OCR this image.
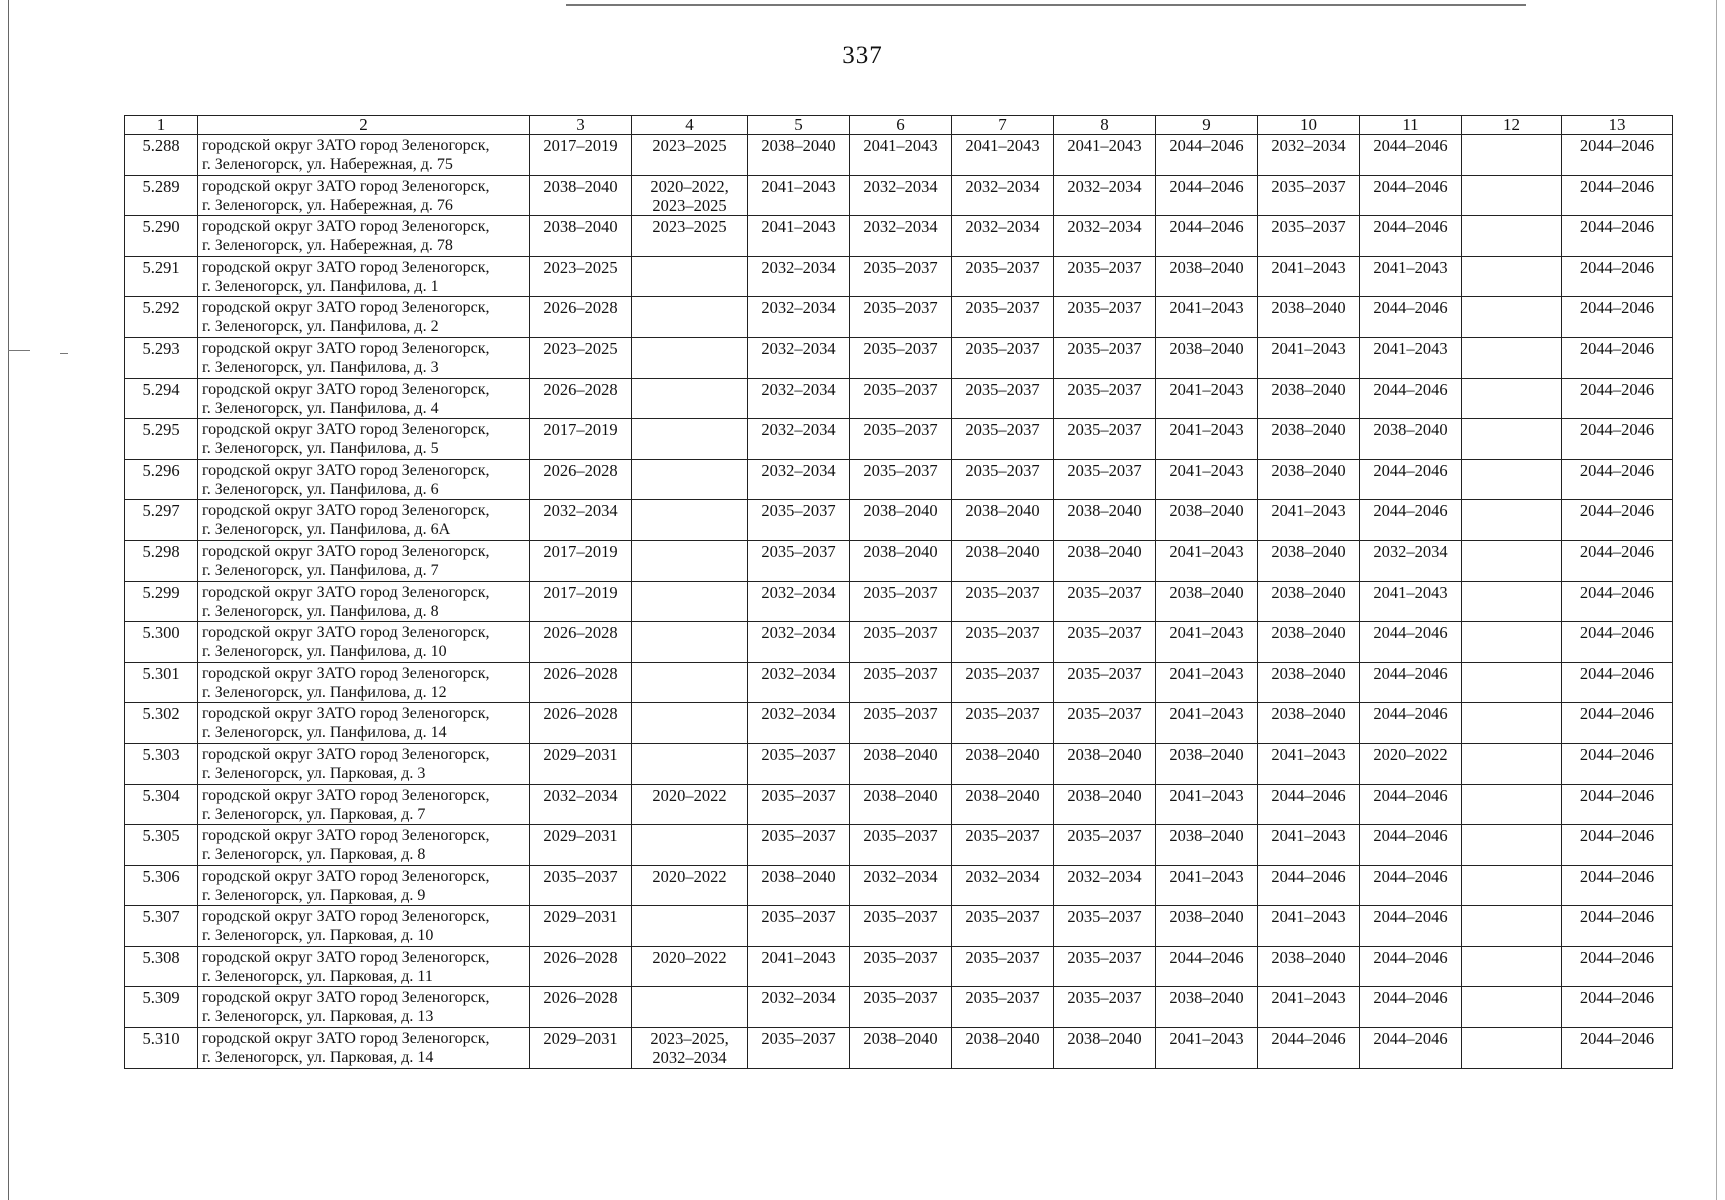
337
1	2	3	4	5	6	7	8	9	10	11	12	13
5.288	городской округ ЗАТО город Зеленогорск,
г. Зеленогорск, ул. Набережная, д. 75	2017–2019	2023–2025	2038–2040	2041–2043	2041–2043	2041–2043	2044–2046	2032–2034	2044–2046		2044–2046
5.289	городской округ ЗАТО город Зеленогорск,
г. Зеленогорск, ул. Набережная, д. 76	2038–2040	2020–2022,
2023–2025	2041–2043	2032–2034	2032–2034	2032–2034	2044–2046	2035–2037	2044–2046		2044–2046
5.290	городской округ ЗАТО город Зеленогорск,
г. Зеленогорск, ул. Набережная, д. 78	2038–2040	2023–2025	2041–2043	2032–2034	2032–2034	2032–2034	2044–2046	2035–2037	2044–2046		2044–2046
5.291	городской округ ЗАТО город Зеленогорск,
г. Зеленогорск, ул. Панфилова, д. 1	2023–2025		2032–2034	2035–2037	2035–2037	2035–2037	2038–2040	2041–2043	2041–2043		2044–2046
5.292	городской округ ЗАТО город Зеленогорск,
г. Зеленогорск, ул. Панфилова, д. 2	2026–2028		2032–2034	2035–2037	2035–2037	2035–2037	2041–2043	2038–2040	2044–2046		2044–2046
5.293	городской округ ЗАТО город Зеленогорск,
г. Зеленогорск, ул. Панфилова, д. 3	2023–2025		2032–2034	2035–2037	2035–2037	2035–2037	2038–2040	2041–2043	2041–2043		2044–2046
5.294	городской округ ЗАТО город Зеленогорск,
г. Зеленогорск, ул. Панфилова, д. 4	2026–2028		2032–2034	2035–2037	2035–2037	2035–2037	2041–2043	2038–2040	2044–2046		2044–2046
5.295	городской округ ЗАТО город Зеленогорск,
г. Зеленогорск, ул. Панфилова, д. 5	2017–2019		2032–2034	2035–2037	2035–2037	2035–2037	2041–2043	2038–2040	2038–2040		2044–2046
5.296	городской округ ЗАТО город Зеленогорск,
г. Зеленогорск, ул. Панфилова, д. 6	2026–2028		2032–2034	2035–2037	2035–2037	2035–2037	2041–2043	2038–2040	2044–2046		2044–2046
5.297	городской округ ЗАТО город Зеленогорск,
г. Зеленогорск, ул. Панфилова, д. 6А	2032–2034		2035–2037	2038–2040	2038–2040	2038–2040	2038–2040	2041–2043	2044–2046		2044–2046
5.298	городской округ ЗАТО город Зеленогорск,
г. Зеленогорск, ул. Панфилова, д. 7	2017–2019		2035–2037	2038–2040	2038–2040	2038–2040	2041–2043	2038–2040	2032–2034		2044–2046
5.299	городской округ ЗАТО город Зеленогорск,
г. Зеленогорск, ул. Панфилова, д. 8	2017–2019		2032–2034	2035–2037	2035–2037	2035–2037	2038–2040	2038–2040	2041–2043		2044–2046
5.300	городской округ ЗАТО город Зеленогорск,
г. Зеленогорск, ул. Панфилова, д. 10	2026–2028		2032–2034	2035–2037	2035–2037	2035–2037	2041–2043	2038–2040	2044–2046		2044–2046
5.301	городской округ ЗАТО город Зеленогорск,
г. Зеленогорск, ул. Панфилова, д. 12	2026–2028		2032–2034	2035–2037	2035–2037	2035–2037	2041–2043	2038–2040	2044–2046		2044–2046
5.302	городской округ ЗАТО город Зеленогорск,
г. Зеленогорск, ул. Панфилова, д. 14	2026–2028		2032–2034	2035–2037	2035–2037	2035–2037	2041–2043	2038–2040	2044–2046		2044–2046
5.303	городской округ ЗАТО город Зеленогорск,
г. Зеленогорск, ул. Парковая, д. 3	2029–2031		2035–2037	2038–2040	2038–2040	2038–2040	2038–2040	2041–2043	2020–2022		2044–2046
5.304	городской округ ЗАТО город Зеленогорск,
г. Зеленогорск, ул. Парковая, д. 7	2032–2034	2020–2022	2035–2037	2038–2040	2038–2040	2038–2040	2041–2043	2044–2046	2044–2046		2044–2046
5.305	городской округ ЗАТО город Зеленогорск,
г. Зеленогорск, ул. Парковая, д. 8	2029–2031		2035–2037	2035–2037	2035–2037	2035–2037	2038–2040	2041–2043	2044–2046		2044–2046
5.306	городской округ ЗАТО город Зеленогорск,
г. Зеленогорск, ул. Парковая, д. 9	2035–2037	2020–2022	2038–2040	2032–2034	2032–2034	2032–2034	2041–2043	2044–2046	2044–2046		2044–2046
5.307	городской округ ЗАТО город Зеленогорск,
г. Зеленогорск, ул. Парковая, д. 10	2029–2031		2035–2037	2035–2037	2035–2037	2035–2037	2038–2040	2041–2043	2044–2046		2044–2046
5.308	городской округ ЗАТО город Зеленогорск,
г. Зеленогорск, ул. Парковая, д. 11	2026–2028	2020–2022	2041–2043	2035–2037	2035–2037	2035–2037	2044–2046	2038–2040	2044–2046		2044–2046
5.309	городской округ ЗАТО город Зеленогорск,
г. Зеленогорск, ул. Парковая, д. 13	2026–2028		2032–2034	2035–2037	2035–2037	2035–2037	2038–2040	2041–2043	2044–2046		2044–2046
5.310	городской округ ЗАТО город Зеленогорск,
г. Зеленогорск, ул. Парковая, д. 14	2029–2031	2023–2025,
2032–2034	2035–2037	2038–2040	2038–2040	2038–2040	2041–2043	2044–2046	2044–2046		2044–2046
